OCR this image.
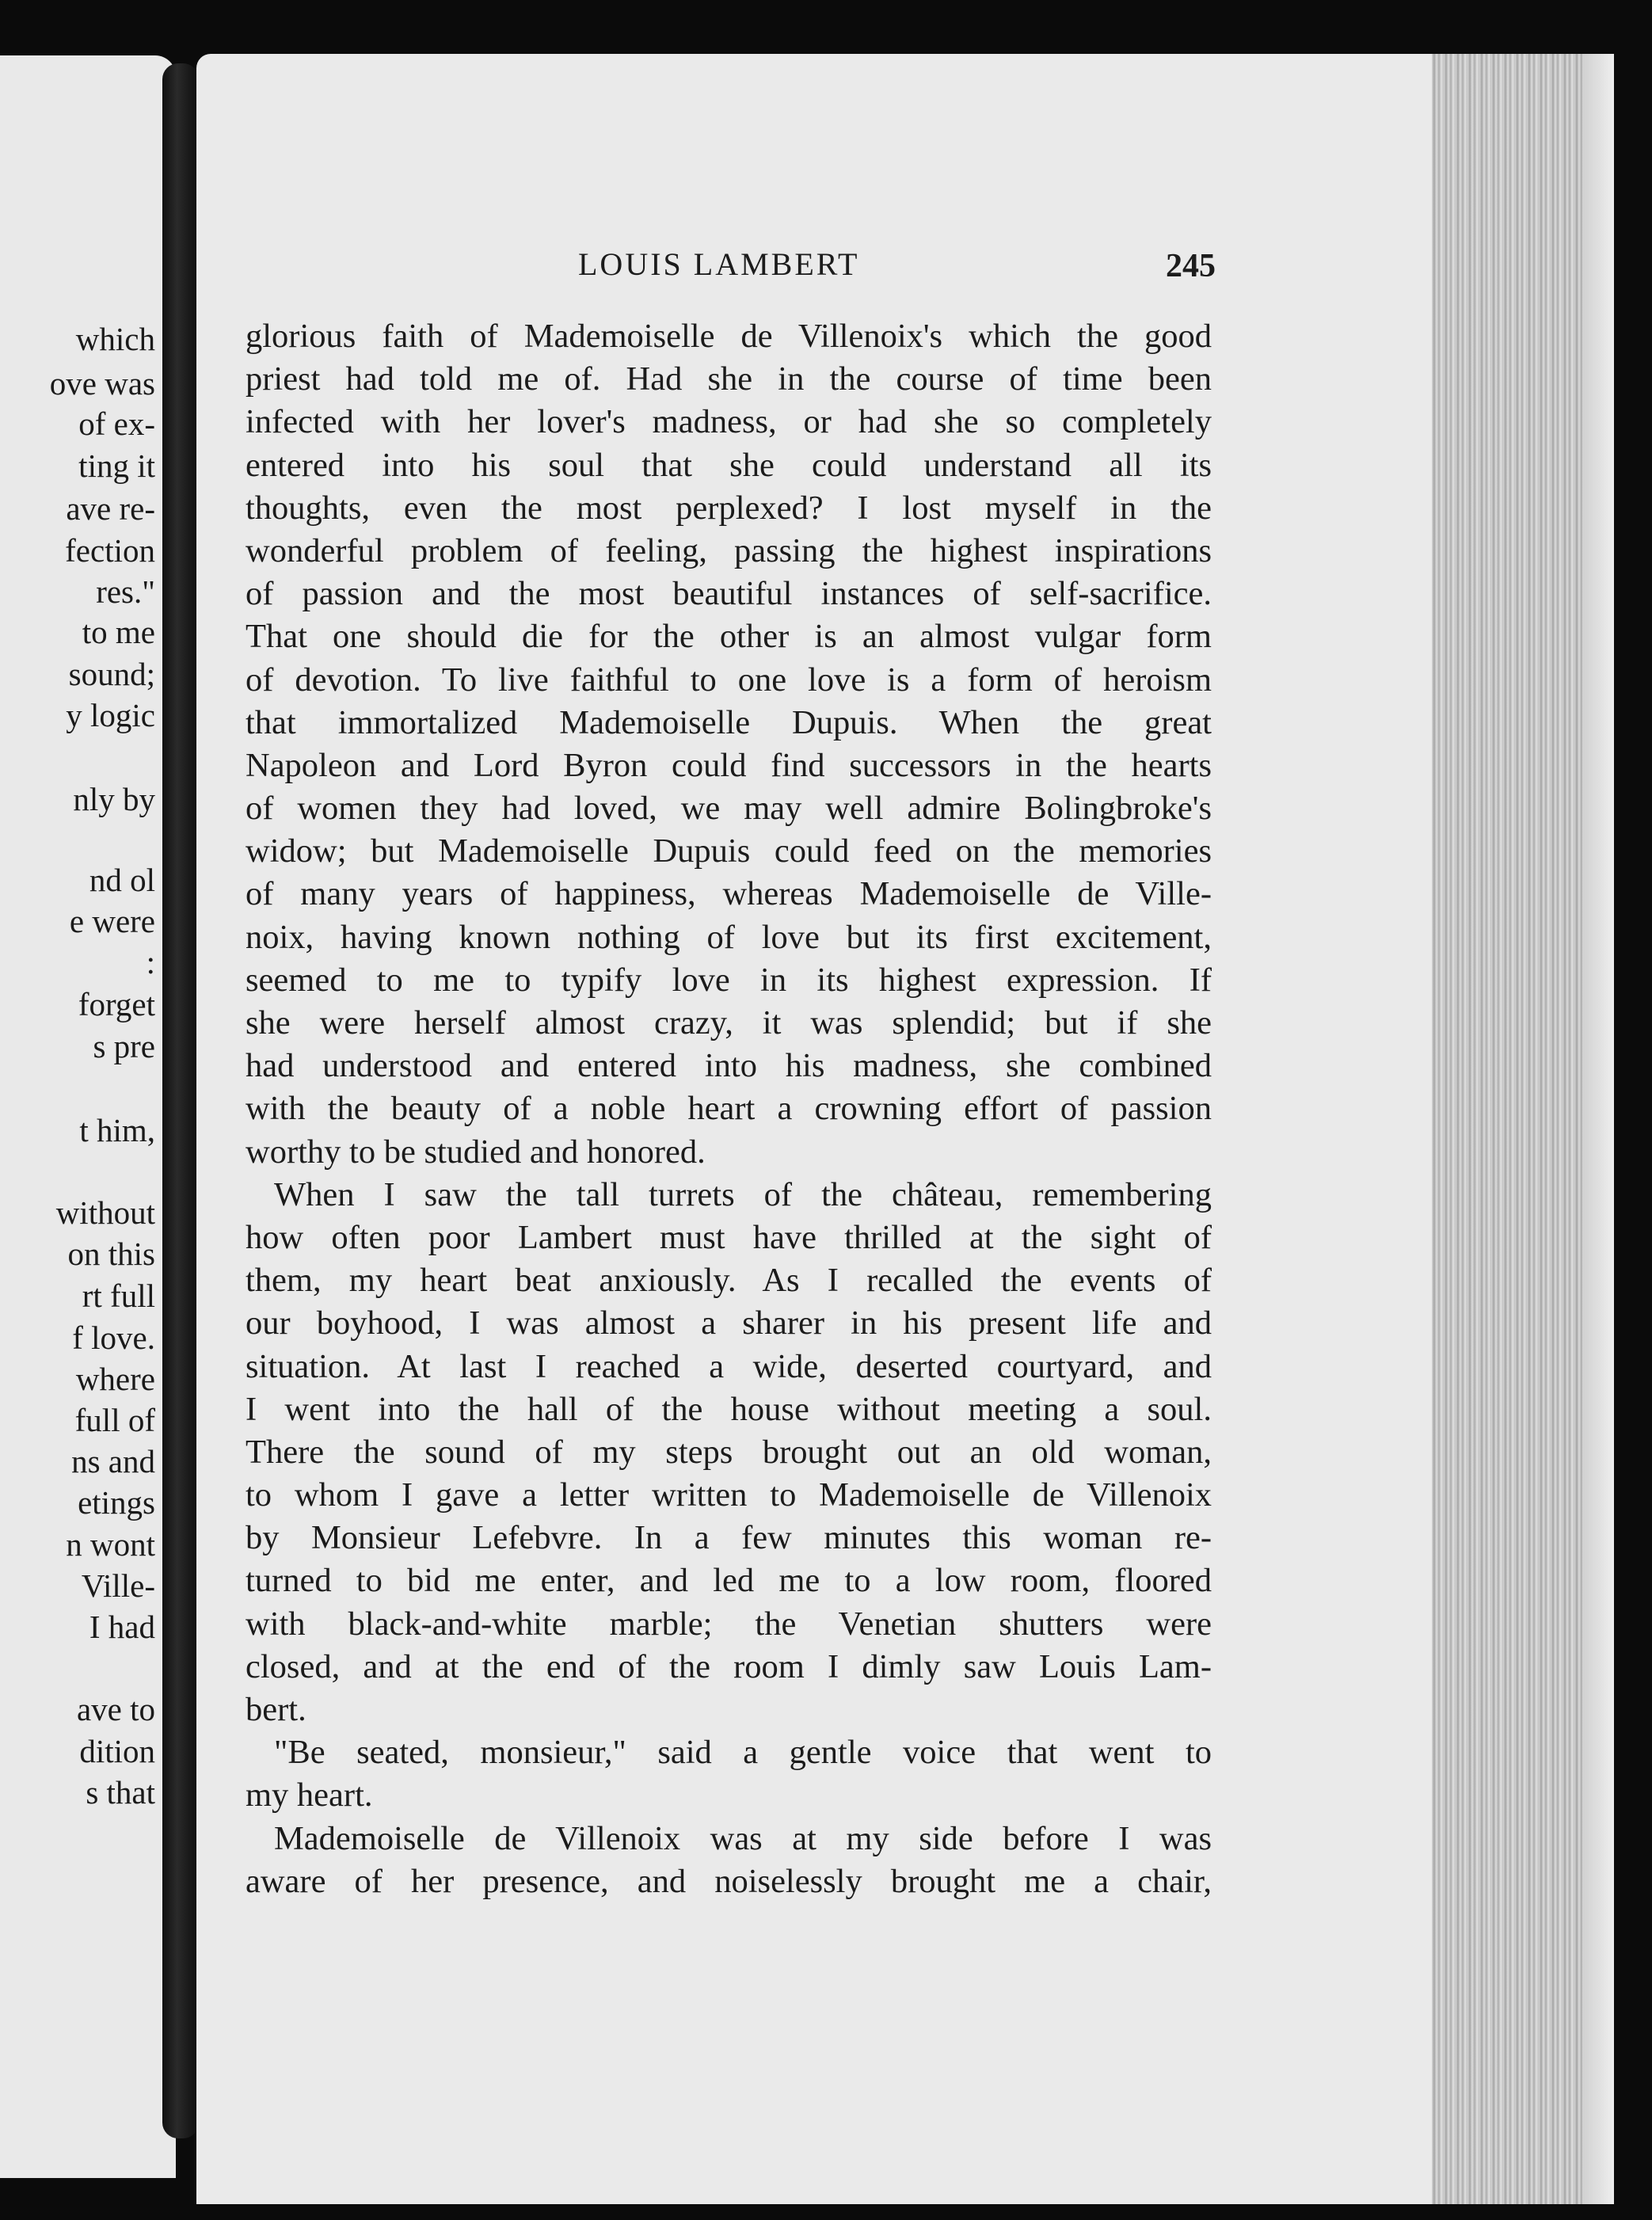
which
ove was
of ex-
ting it
ave re-
fection
res."
to me
sound;
y logic
nly by
nd ol
e were
:
forget
s pre
t him,
without
on this
rt full
f love.
where
full of
ns and
etings
n wont
Ville-
I had
ave to
dition
s that
LOUIS LAMBERT	245
glorious faith of Mademoiselle de Villenoix's which the good
priest had told me of. Had she in the course of time been
infected with her lover's madness, or had she so completely
entered into his soul that she could understand all its
thoughts, even the most perplexed? I lost myself in the
wonderful problem of feeling, passing the highest inspirations
of passion and the most beautiful instances of self-sacrifice.
That one should die for the other is an almost vulgar form
of devotion. To live faithful to one love is a form of heroism
that immortalized Mademoiselle Dupuis. When the great
Napoleon and Lord Byron could find successors in the hearts
of women they had loved, we may well admire Bolingbroke's
widow; but Mademoiselle Dupuis could feed on the memories
of many years of happiness, whereas Mademoiselle de Ville-
noix, having known nothing of love but its first excitement,
seemed to me to typify love in its highest expression. If
she were herself almost crazy, it was splendid; but if she
had understood and entered into his madness, she combined
with the beauty of a noble heart a crowning effort of passion
worthy to be studied and honored.
When I saw the tall turrets of the château, remembering
how often poor Lambert must have thrilled at the sight of
them, my heart beat anxiously. As I recalled the events of
our boyhood, I was almost a sharer in his present life and
situation. At last I reached a wide, deserted courtyard, and
I went into the hall of the house without meeting a soul.
There the sound of my steps brought out an old woman,
to whom I gave a letter written to Mademoiselle de Villenoix
by Monsieur Lefebvre. In a few minutes this woman re-
turned to bid me enter, and led me to a low room, floored
with black-and-white marble; the Venetian shutters were
closed, and at the end of the room I dimly saw Louis Lam-
bert.
"Be seated, monsieur," said a gentle voice that went to
my heart.
Mademoiselle de Villenoix was at my side before I was
aware of her presence, and noiselessly brought me a chair,
